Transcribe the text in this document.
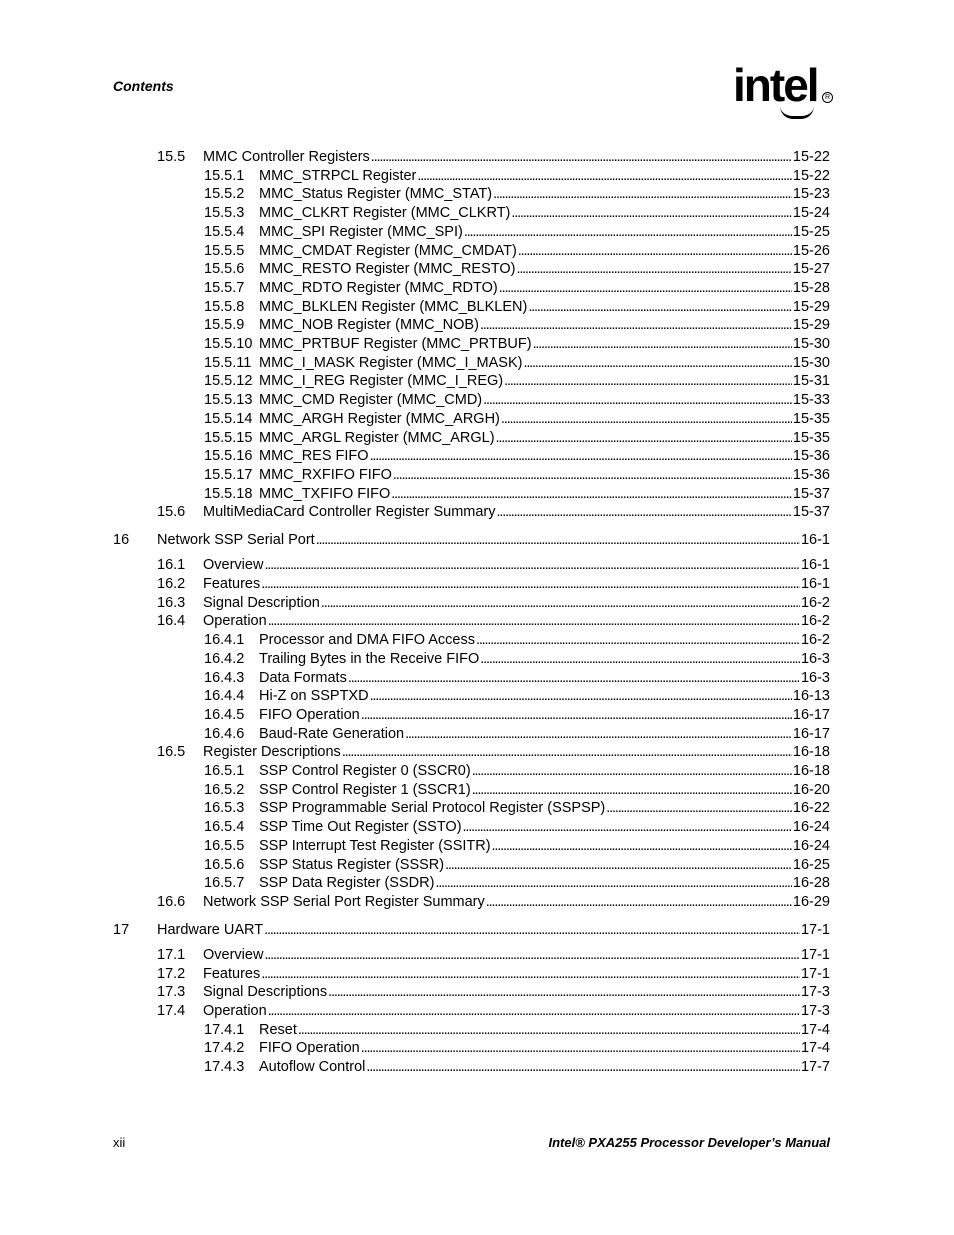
Contents	intel	R
15.5 MMC Controller Registers . . .	15-22
15.5.1 MMC_STRPCL Register . . .	15-22
15.5.2 MMC_Status Register (MMC_STAT) . . .	15-23
15.5.3 MMC_CLKRT Register (MMC_CLKRT) . . .	15-24
15.5.4 MMC_SPI Register (MMC_SPI) . . .	15-25
15.5.5 MMC_CMDAT Register (MMC_CMDAT) . . .	15-26
15.5.6 MMC_RESTO Register (MMC_RESTO) . . .	15-27
15.5.7 MMC_RDTO Register (MMC_RDTO) . . .	15-28
15.5.8 MMC_BLKLEN Register (MMC_BLKLEN) . . .	15-29
15.5.9 MMC_NOB Register (MMC_NOB) . . .	15-29
15.5.10 MMC_PRTBUF Register (MMC_PRTBUF) . . .	15-30
15.5.11 MMC_I_MASK Register (MMC_I_MASK) . . .	15-30
15.5.12 MMC_I_REG Register (MMC_I_REG) . . .	15-31
15.5.13 MMC_CMD Register (MMC_CMD) . . .	15-33
15.5.14 MMC_ARGH Register (MMC_ARGH) . . .	15-35
15.5.15 MMC_ARGL Register (MMC_ARGL) . . .	15-35
15.5.16 MMC_RES FIFO . . .	15-36
15.5.17 MMC_RXFIFO FIFO . . .	15-36
15.5.18 MMC_TXFIFO FIFO . . .	15-37
15.6 MultiMediaCard Controller Register Summary . . .	15-37
16 Network SSP Serial Port . . .	16-1
16.1 Overview . . .	16-1
16.2 Features . . .	16-1
16.3 Signal Description . . .	16-2
16.4 Operation . . .	16-2
16.4.1 Processor and DMA FIFO Access . . .	16-2
16.4.2 Trailing Bytes in the Receive FIFO . . .	16-3
16.4.3 Data Formats . . .	16-3
16.4.4 Hi-Z on SSPTXD . . .	16-13
16.4.5 FIFO Operation . . .	16-17
16.4.6 Baud-Rate Generation . . .	16-17
16.5 Register Descriptions . . .	16-18
16.5.1 SSP Control Register 0 (SSCR0) . . .	16-18
16.5.2 SSP Control Register 1 (SSCR1) . . .	16-20
16.5.3 SSP Programmable Serial Protocol Register (SSPSP) . . .	16-22
16.5.4 SSP Time Out Register (SSTO) . . .	16-24
16.5.5 SSP Interrupt Test Register (SSITR) . . .	16-24
16.5.6 SSP Status Register (SSSR) . . .	16-25
16.5.7 SSP Data Register (SSDR) . . .	16-28
16.6 Network SSP Serial Port Register Summary . . .	16-29
17 Hardware UART . . .	17-1
17.1 Overview . . .	17-1
17.2 Features . . .	17-1
17.3 Signal Descriptions . . .	17-3
17.4 Operation . . .	17-3
17.4.1 Reset . . .	17-4
17.4.2 FIFO Operation . . .	17-4
17.4.3 Autoflow Control . . .	17-7
xii	Intel® PXA255 Processor Developer’s Manual
